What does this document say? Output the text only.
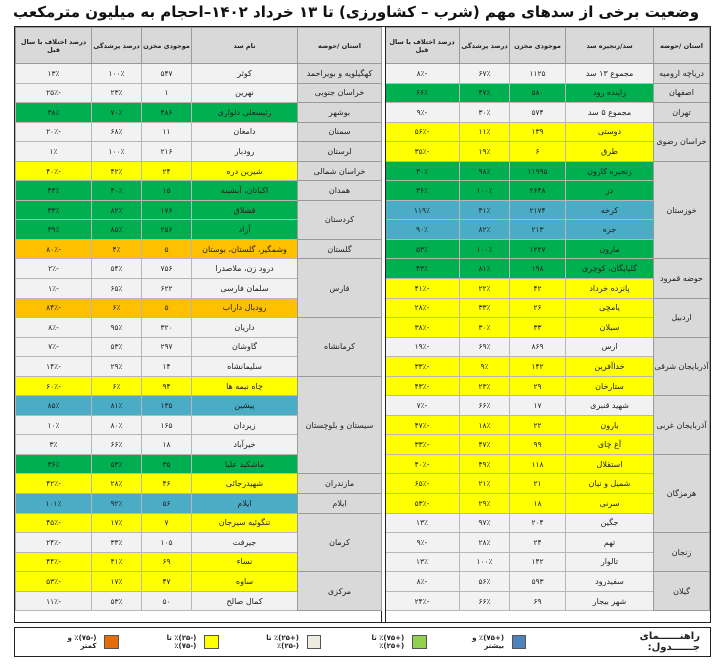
وضعیت برخی از سدهای مهم (شرب – کشاورزی) تا ۱۳ خرداد ۱۴۰۲–احجام به میلیون مترمکعب
استان /حوضه	سد/زنجیره سد	موجودی مخزن	درصد پرشدگی	درصد اختلاف با سال قبل
دریاچه ارومیه	مجموع ۱۳ سد	۱۱۲۵	۶۷٪	-۸٪
اصفهان	زاینده رود	۵۸۰	۴۷٪	۶۶٪
تهران	مجموع ۵ سد	۵۷۴	۳۰٪	-۹٪
خراسان رضوی	دوستی	۱۳۹	۱۱٪	-۵۶٪
	طرق	۶	۱۹٪	-۳۵٪
خوزستان	زنجیره کارون	۱۱۹۹۵	۹۸٪	۳۰٪
	دز	۲۶۴۸	۱۰۰٪	۳۶٪
	کرخه	۲۱۷۴	۴۱٪	۱۱۹٪
	جره	۲۱۳	۸۲٪	۹۰٪
	مارون	۱۲۲۷	۱۰۰٪	۵۳٪
حوضه قمرود	گلپایگان، کوچری	۱۹۸	۸۱٪	۴۳٪
	پانزده خرداد	۴۲	۲۲٪	-۴۱٪
اردبیل	یامچی	۲۶	۳۳٪	-۲۸٪
	سبلان	۳۳	۳۰٪	-۳۸٪
آذربایجان شرقی	ارس	۸۶۹	۶۹٪	-۱۹٪
	خداآفرین	۱۴۲	۹٪	-۳۳٪
	ستارخان	۲۹	۲۳٪	-۴۳٪
آذربایجان غربی	شهید قنبری	۱۷	۶۶٪	-۷٪
	بارون	۲۲	۱۸٪	-۴۷٪
	آغ چای	۹۹	۴۷٪	-۳۳٪
هرمزگان	استقلال	۱۱۸	۴۹٪	-۴۰٪
	شمیل و نیان	۲۱	۲۱٪	-۶۵٪
	سرنی	۱۸	۲۹٪	-۵۳٪
	جگین	۲۰۴	۹۷٪	۱۳٪
زنجان	تهم	۲۴	۲۸٪	-۹٪
	تالوار	۱۴۲	۱۰۰٪	۱۳٪
گیلان	سفیدرود	۵۹۳	۵۶٪	-۸٪
	شهر بیجار	۶۹	۶۶٪	-۲۴٪
استان /حوضه	نام سد	موجودی مخزن	درصد پرشدگی	درصد اختلاف با سال قبل
کهگیلویه و بویراحمد	کوثر	۵۴۷	۱۰۰٪	۱۳٪
خراسان جنوبی	نهرین	۱	۲۳٪	-۲۵٪
بوشهر	رئیسعلی دلواری	۴۸۶	۷۰٪	۳۸٪
سمنان	دامغان	۱۱	۶۸٪	-۲۰٪
لرستان	رودبار	۲۱۶	۱۰۰٪	۱٪
خراسان شمالی	شیرین دره	۲۴	۴۲٪	-۴۰٪
همدان	اکباتان، آبشینه	۱۵	۴۰٪	۴۳٪
کردستان	قشلاق	۱۷۶	۸۲٪	۳۳٪
	آزاد	۲۵۶	۸۵٪	۳۹٪
گلستان	وشمگیر، گلستان، بوستان	۵	۴٪	-۸۰٪
فارس	درود زن، ملاصدرا	۷۵۶	۵۴٪	-۲٪
	سلمان فارسی	۶۲۲	۶۵٪	-۱٪
	رودبال داراب	۵	۶٪	-۸۴٪
کرمانشاه	داریان	۳۲۰	۹۵٪	-۸٪
	گاوشان	۲۹۷	۵۳٪	-۷٪
	سلیمانشاه	۱۴	۲۹٪	-۱۴٪
سیستان و بلوچستان	چاه نیمه ها	۹۴	۶٪	-۶۰٪
	پیشین	۱۳۵	۸۱٪	۸۵٪
	زیردان	۱۶۵	۸۰٪	۱۰٪
	خیرآباد	۱۸	۶۶٪	۳٪
	ماشکید علیا	۳۵	۵۳٪	۳۶٪
مازندران	شهیدرجائی	۴۶	۲۸٪	-۴۲٪
ایلام	ایلام	۵۶	۹۲٪	۱۰۱٪
کرمان	تنگوئیه سیرجان	۷	۱۷٪	-۴۵٪
	جیرفت	۱۰۵	۳۳٪	-۲۴٪
	نساء	۶۹	۴۱٪	-۴۴٪
مرکزی	ساوه	۴۷	۱۷٪	-۵۳٪
	کمال صالح	۵۰	۵۳٪	-۱۱٪
راهنــــــمای جــــــدول:
(+۷۵)٪ و بیشتر
(+۷۵)٪ تا (+۲۵)٪
(+۲۵)٪ تا (-۲۵)٪
(-۲۵)٪ تا (-۷۵)٪
(-۷۵)٪ و کمتر
